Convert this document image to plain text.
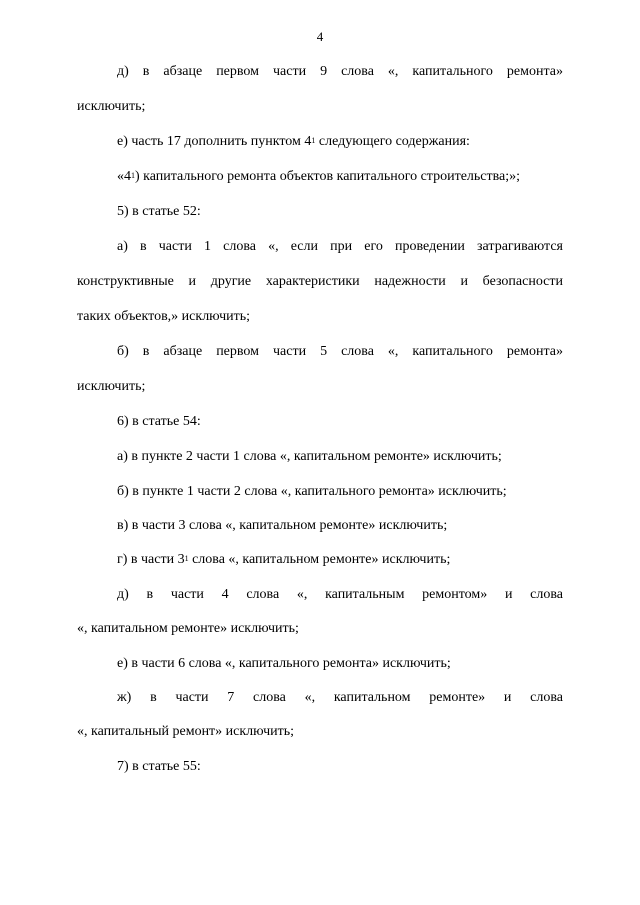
4
д) в абзаце первом части 9 слова «, капитального ремонта»
исключить;
е) часть 17 дополнить пунктом $4^1$ следующего содержания:
«$4^1$) капитального ремонта объектов капитального строительства;»;
5) в статье 52:
а) в части 1 слова «, если при его проведении затрагиваются
конструктивные и другие характеристики надежности и безопасности
таких объектов,» исключить;
б) в абзаце первом части 5 слова «, капитального ремонта»
исключить;
6) в статье 54:
а) в пункте 2 части 1 слова «, капитальном ремонте» исключить;
б) в пункте 1 части 2 слова «, капитального ремонта» исключить;
в) в части 3 слова «, капитальном ремонте» исключить;
г) в части $3^1$ слова «, капитальном ремонте» исключить;
д) в части 4 слова «, капитальным ремонтом» и слова
«, капитальном ремонте» исключить;
е) в части 6 слова «, капитального ремонта» исключить;
ж) в части 7 слова «, капитальном ремонте» и слова
«, капитальный ремонт» исключить;
7) в статье 55:
